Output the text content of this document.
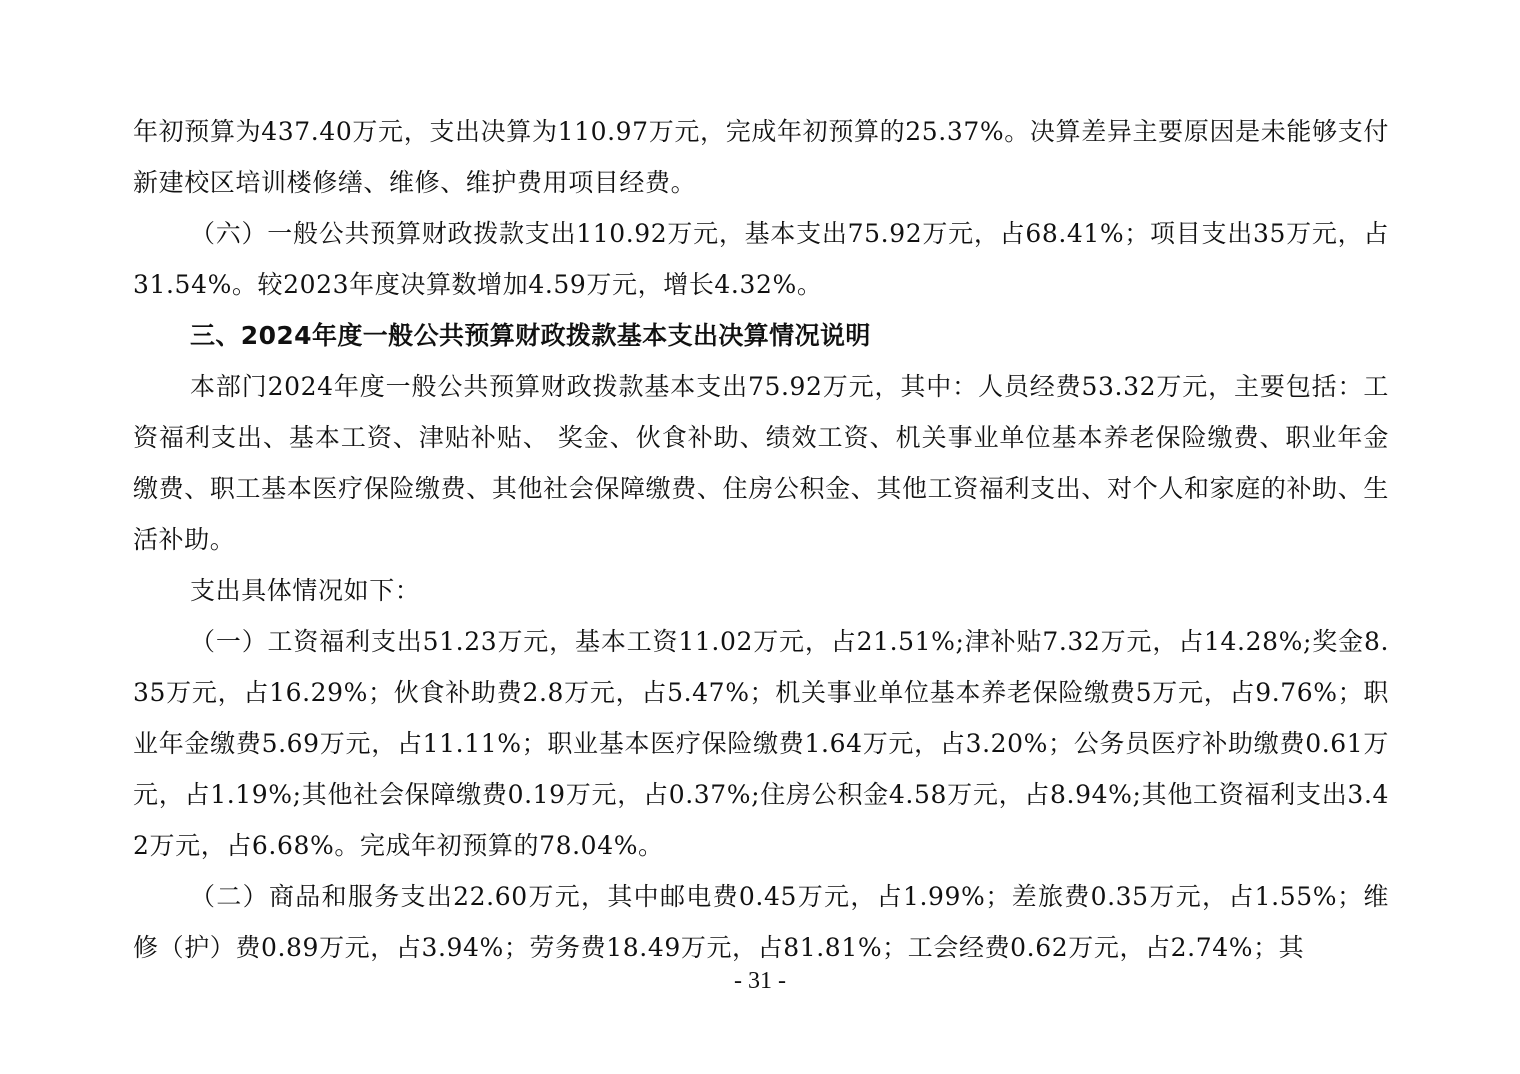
年初预算为437.40万元，支出决算为110.97万元，完成年初预算的25.37%。决算差异主要原因是未能够支付新建校区培训楼修缮、维修、维护费用项目经费。

（六）一般公共预算财政拨款支出110.92万元，基本支出75.92万元，占68.41%；项目支出35万元，占31.54%。较2023年度决算数增加4.59万元，增长4.32%。

三、2024年度一般公共预算财政拨款基本支出决算情况说明

本部门2024年度一般公共预算财政拨款基本支出75.92万元，其中：人员经费53.32万元，主要包括：工资福利支出、基本工资、津贴补贴、 奖金、伙食补助、绩效工资、机关事业单位基本养老保险缴费、职业年金缴费、职工基本医疗保险缴费、其他社会保障缴费、住房公积金、其他工资福利支出、对个人和家庭的补助、生活补助。

支出具体情况如下：

（一）工资福利支出51.23万元，基本工资11.02万元，占21.51%;津补贴7.32万元，占14.28%;奖金8.35万元，占16.29%；伙食补助费2.8万元，占5.47%；机关事业单位基本养老保险缴费5万元，占9.76%；职业年金缴费5.69万元，占11.11%；职业基本医疗保险缴费1.64万元，占3.20%；公务员医疗补助缴费0.61万元，占1.19%;其他社会保障缴费0.19万元，占0.37%;住房公积金4.58万元，占8.94%;其他工资福利支出3.42万元，占6.68%。完成年初预算的78.04%。

（二）商品和服务支出22.60万元，其中邮电费0.45万元，占1.99%；差旅费0.35万元，占1.55%；维修（护）费0.89万元，占3.94%；劳务费18.49万元，占81.81%；工会经费0.62万元，占2.74%；其

- 31 -
